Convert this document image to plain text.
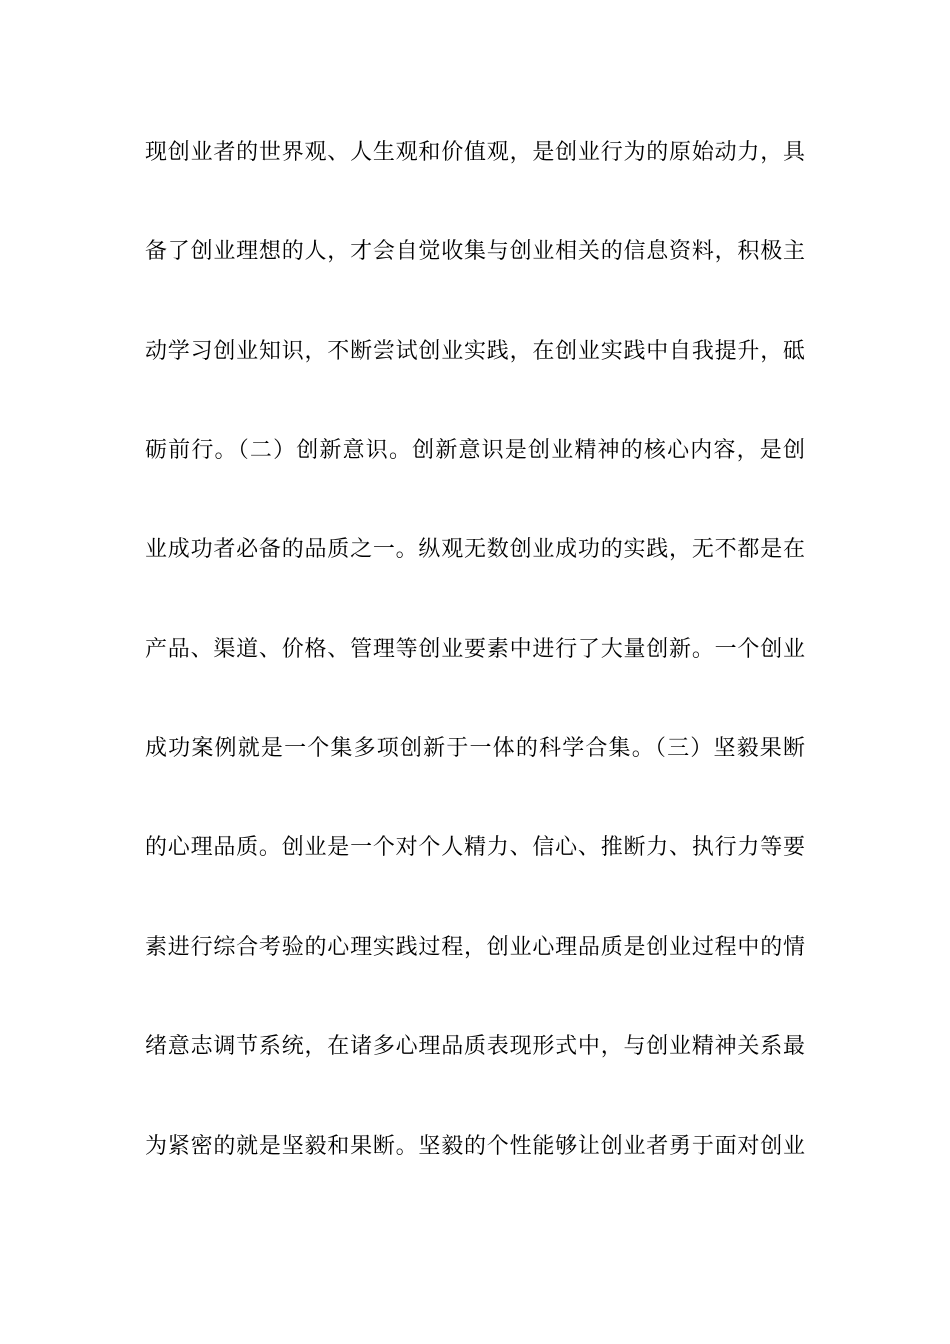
现创业者的世界观、人生观和价值观，是创业行为的原始动力，具
备了创业理想的人，才会自觉收集与创业相关的信息资料，积极主
动学习创业知识，不断尝试创业实践，在创业实践中自我提升，砥
砺前行。（二）创新意识。创新意识是创业精神的核心内容，是创
业成功者必备的品质之一。纵观无数创业成功的实践，无不都是在
产品、渠道、价格、管理等创业要素中进行了大量创新。一个创业
成功案例就是一个集多项创新于一体的科学合集。（三）坚毅果断
的心理品质。创业是一个对个人精力、信心、推断力、执行力等要
素进行综合考验的心理实践过程，创业心理品质是创业过程中的情
绪意志调节系统，在诸多心理品质表现形式中，与创业精神关系最
为紧密的就是坚毅和果断。坚毅的个性能够让创业者勇于面对创业
